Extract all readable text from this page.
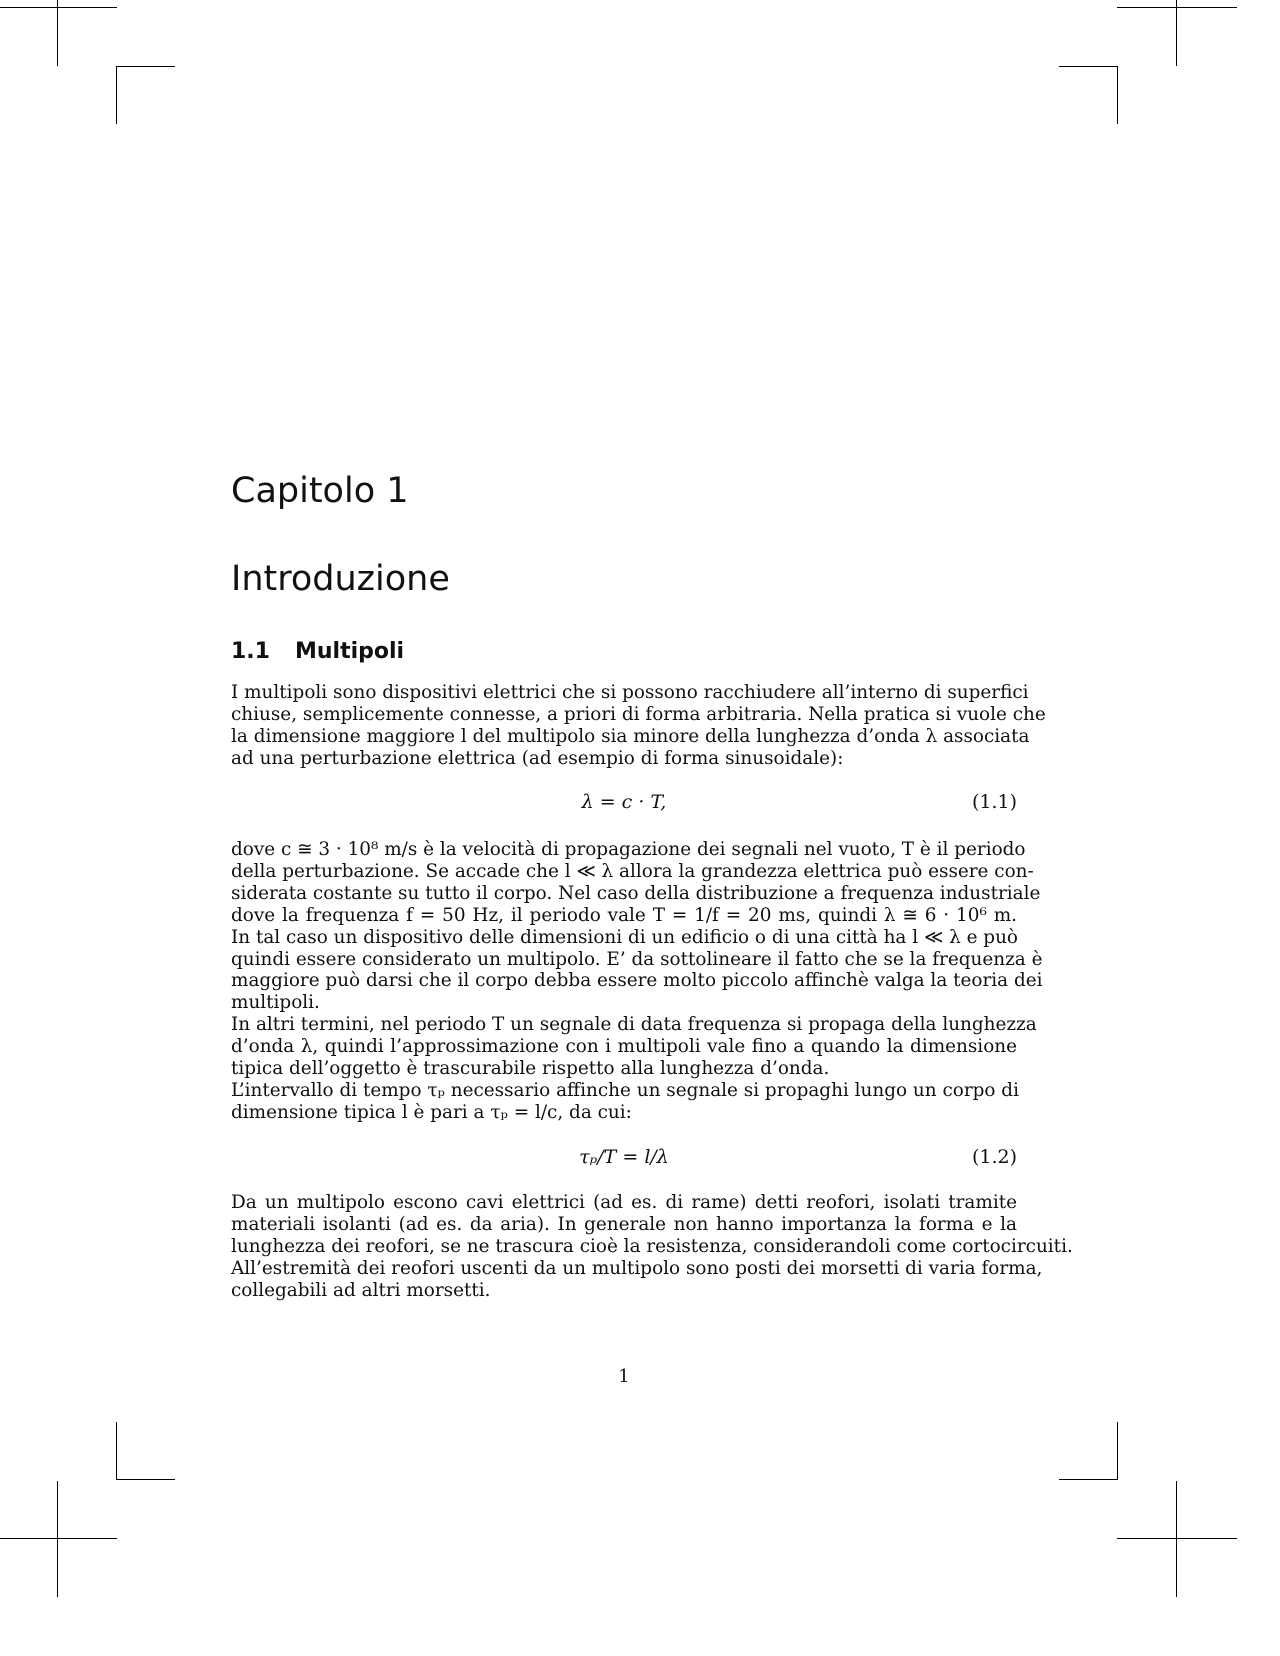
Capitolo 1
Introduzione
1.1 Multipoli
I multipoli sono dispositivi elettrici che si possono racchiudere all’interno di superfici
chiuse, semplicemente connesse, a priori di forma arbitraria. Nella pratica si vuole che
la dimensione maggiore l del multipolo sia minore della lunghezza d’onda λ associata
ad una perturbazione elettrica (ad esempio di forma sinusoidale):
λ = c · T,	(1.1)
dove c ≅ 3 · 10⁸ m/s è la velocità di propagazione dei segnali nel vuoto, T è il periodo
della perturbazione. Se accade che l ≪ λ allora la grandezza elettrica può essere con-
siderata costante su tutto il corpo. Nel caso della distribuzione a frequenza industriale
dove la frequenza f = 50 Hz, il periodo vale T = 1/f = 20 ms, quindi λ ≅ 6 · 10⁶ m.
In tal caso un dispositivo delle dimensioni di un edificio o di una città ha l ≪ λ e può
quindi essere considerato un multipolo. E’ da sottolineare il fatto che se la frequenza è
maggiore può darsi che il corpo debba essere molto piccolo affinchè valga la teoria dei
multipoli.
In altri termini, nel periodo T un segnale di data frequenza si propaga della lunghezza
d’onda λ, quindi l’approssimazione con i multipoli vale fino a quando la dimensione
tipica dell’oggetto è trascurabile rispetto alla lunghezza d’onda.
L’intervallo di tempo τₚ necessario affinche un segnale si propaghi lungo un corpo di
dimensione tipica l è pari a τₚ = l/c, da cui:
τₚ/T = l/λ	(1.2)
Da un multipolo escono cavi elettrici (ad es. di rame) detti reofori, isolati tramite
materiali isolanti (ad es. da aria). In generale non hanno importanza la forma e la
lunghezza dei reofori, se ne trascura cioè la resistenza, considerandoli come cortocircuiti.
All’estremità dei reofori uscenti da un multipolo sono posti dei morsetti di varia forma,
collegabili ad altri morsetti.
1
